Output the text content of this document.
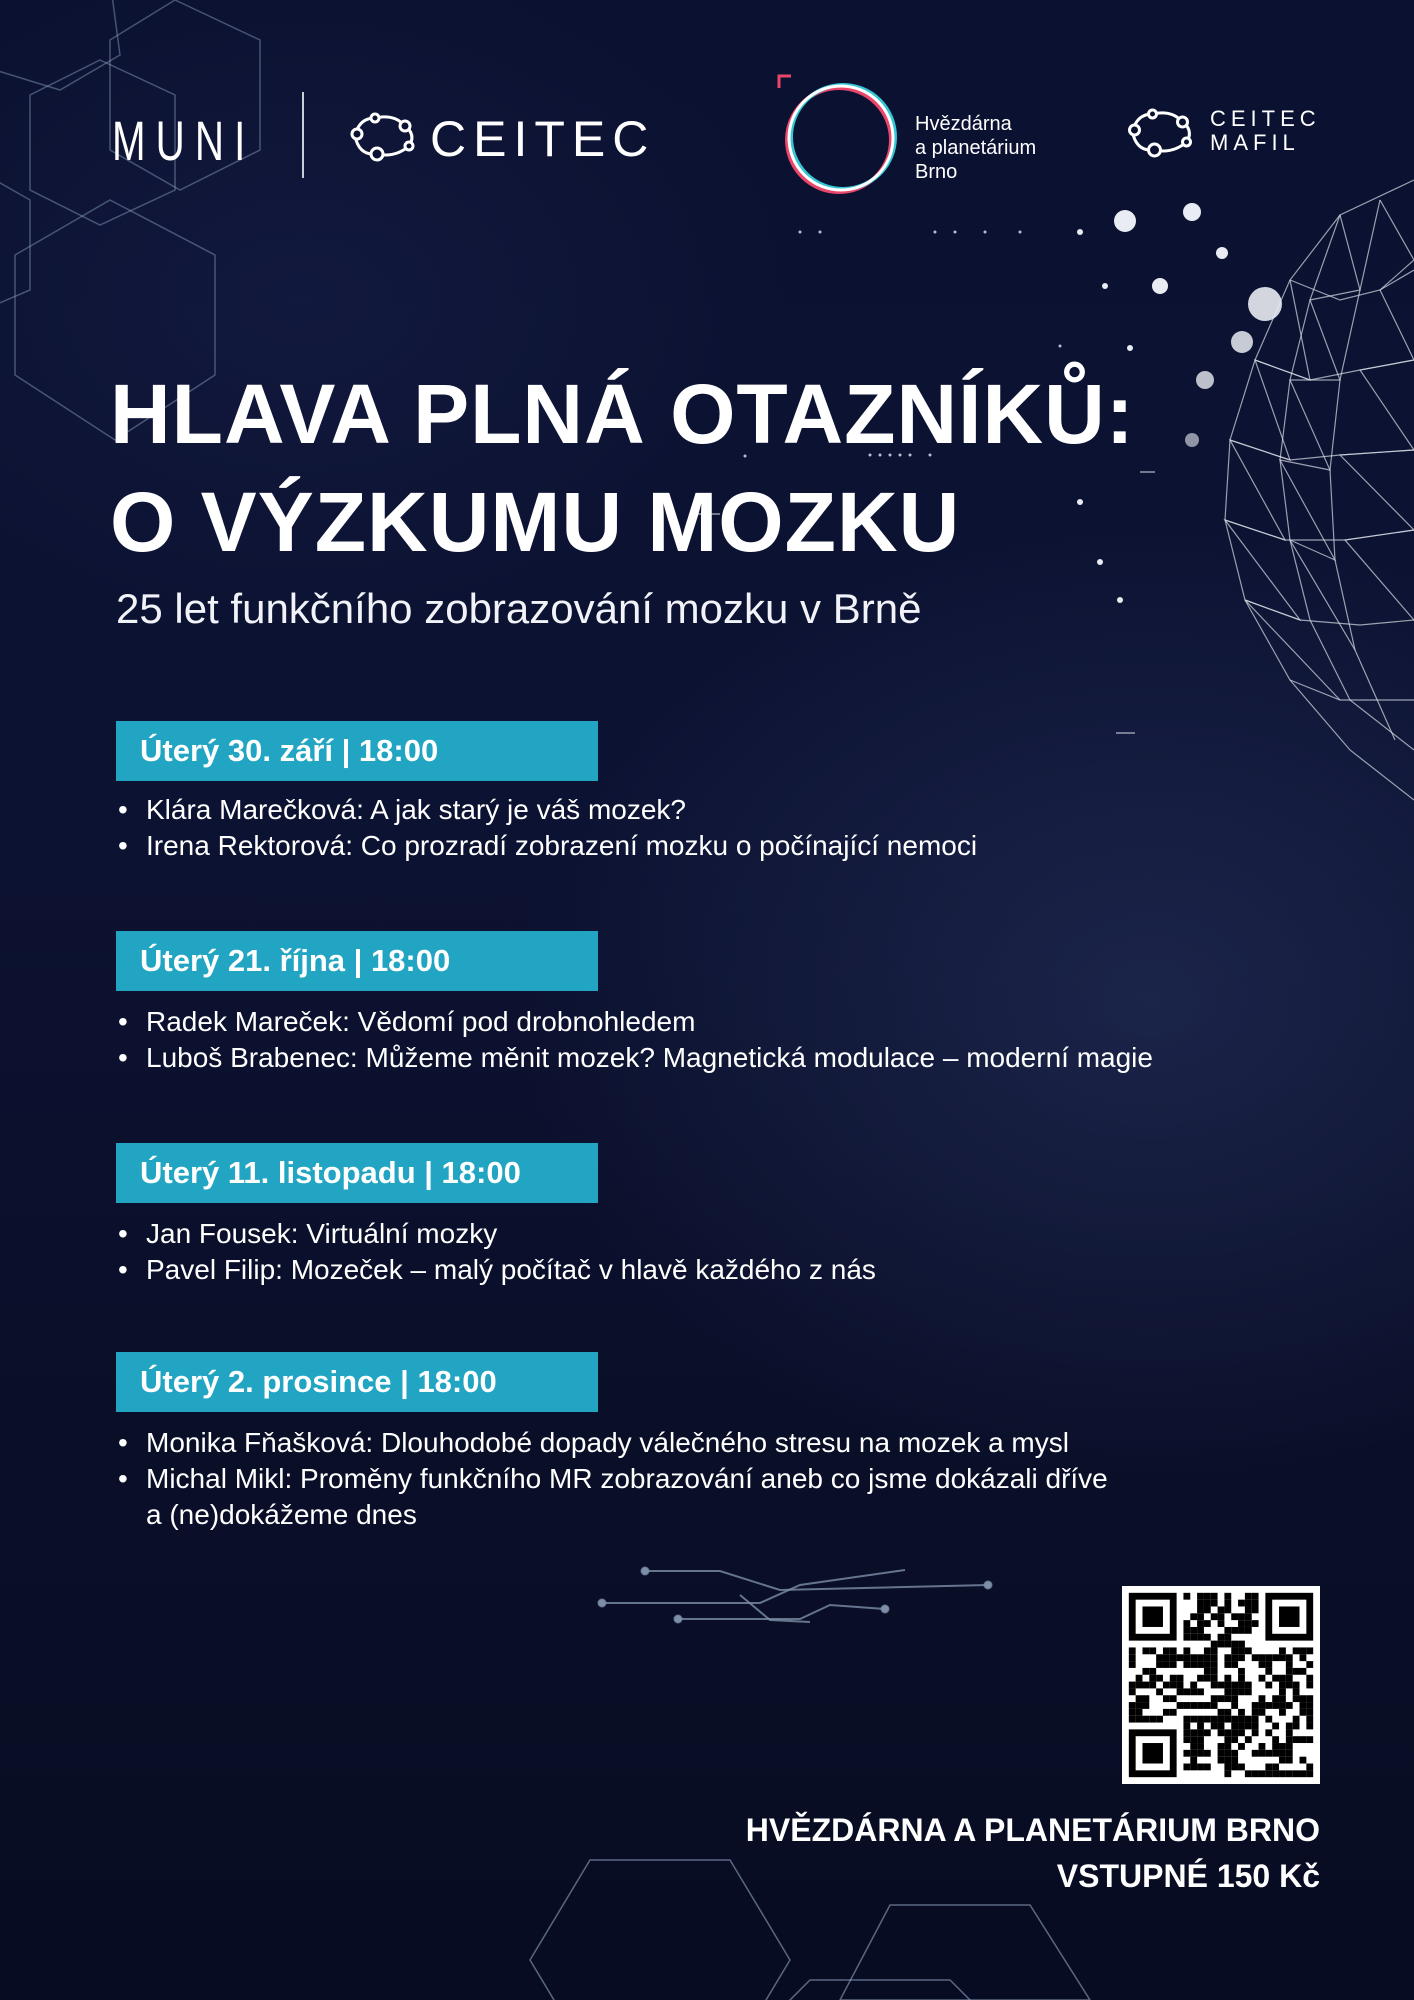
MUNI	CEITEC	Hvězdárna
a planetárium
Brno
CEITEC
MAFIL
HLAVA PLNÁ OTAZNÍKŮ:
O VÝZKUMU MOZKU
25 let funkčního zobrazování mozku v Brně
Úterý 30. září | 18:00
• Klára Marečková: A jak starý je váš mozek?
• Irena Rektorová: Co prozradí zobrazení mozku o počínající nemoci
Úterý 21. října | 18:00
• Radek Mareček: Vědomí pod drobnohledem
• Luboš Brabenec: Můžeme měnit mozek? Magnetická modulace – moderní magie
Úterý 11. listopadu | 18:00
• Jan Fousek: Virtuální mozky
• Pavel Filip: Mozeček – malý počítač v hlavě každého z nás
Úterý 2. prosince | 18:00
• Monika Fňašková: Dlouhodobé dopady válečného stresu na mozek a mysl
• Michal Mikl: Proměny funkčního MR zobrazování aneb co jsme dokázali dříve
a (ne)dokážeme dnes
HVĚZDÁRNA A PLANETÁRIUM BRNO
VSTUPNÉ 150 Kč
